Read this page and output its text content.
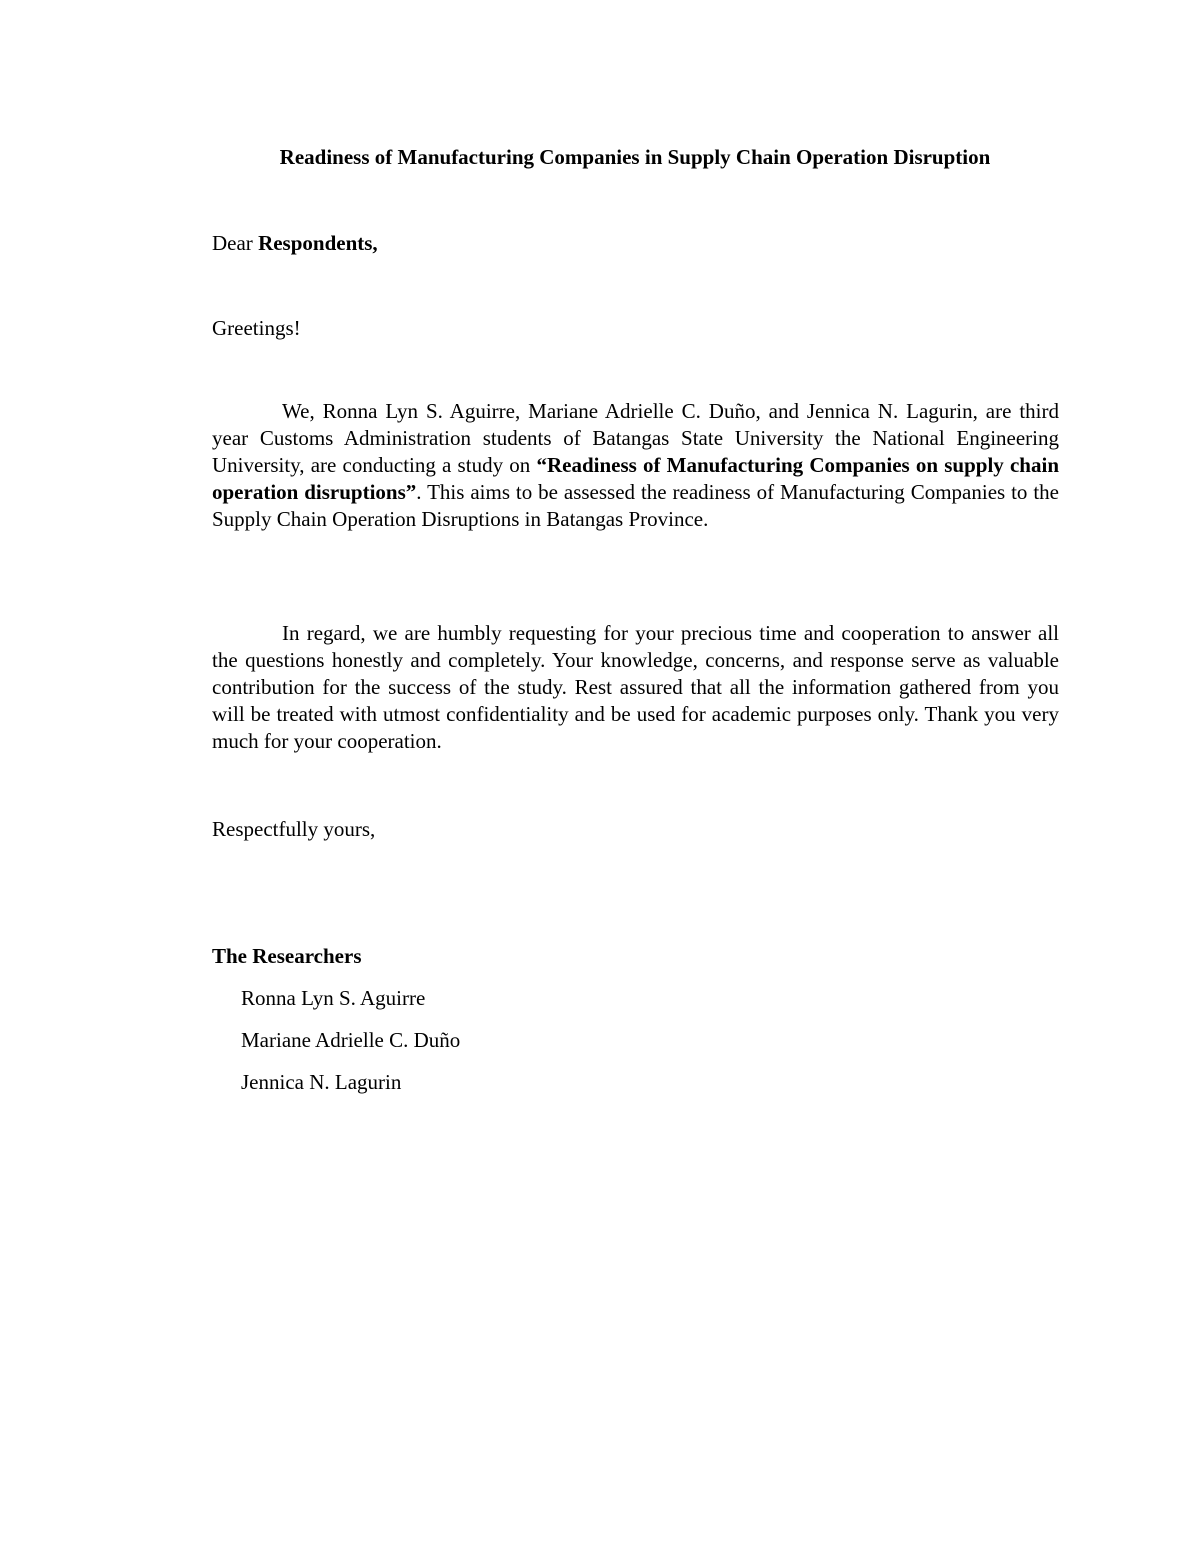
Readiness of Manufacturing Companies in Supply Chain Operation Disruption
Dear Respondents,
Greetings!

We, Ronna Lyn S. Aguirre, Mariane Adrielle C. Duño, and Jennica N. Lagurin, are third year Customs Administration students of Batangas State University the National Engineering University, are conducting a study on “Readiness of Manufacturing Companies on supply chain operation disruptions”. This aims to be assessed the readiness of Manufacturing Companies to the Supply Chain Operation Disruptions in Batangas Province.

In regard, we are humbly requesting for your precious time and cooperation to answer all the questions honestly and completely. Your knowledge, concerns, and response serve as valuable contribution for the success of the study. Rest assured that all the information gathered from you will be treated with utmost confidentiality and be used for academic purposes only. Thank you very much for your cooperation.

Respectfully yours,
The Researchers
Ronna Lyn S. Aguirre
Mariane Adrielle C. Duño
Jennica N. Lagurin
